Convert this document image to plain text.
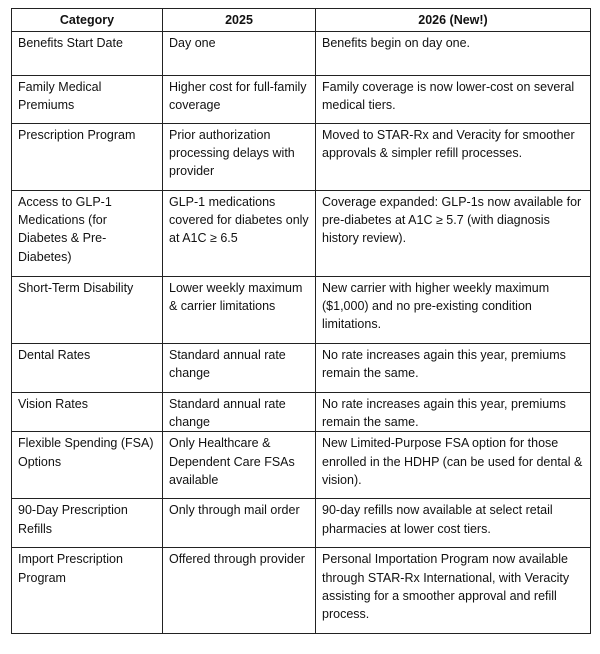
Category	2025	2026 (New!)
Benefits Start Date	Day one	Benefits begin on day one.
Family Medical Premiums	Higher cost for full-family coverage	Family coverage is now lower-cost on several medical tiers.
Prescription Program	Prior authorization processing delays with provider	Moved to STAR-Rx and Veracity for smoother approvals & simpler refill processes.
Access to GLP-1 Medications (for Diabetes & Pre-Diabetes)	GLP-1 medications covered for diabetes only at A1C ≥ 6.5	Coverage expanded: GLP-1s now available for pre-diabetes at A1C ≥ 5.7 (with diagnosis history review).
Short-Term Disability	Lower weekly maximum & carrier limitations	New carrier with higher weekly maximum ($1,000) and no pre-existing condition limitations.
Dental Rates	Standard annual rate change	No rate increases again this year, premiums remain the same.
Vision Rates	Standard annual rate change	No rate increases again this year, premiums remain the same.
Flexible Spending (FSA) Options	Only Healthcare & Dependent Care FSAs available	New Limited-Purpose FSA option for those enrolled in the HDHP (can be used for dental & vision).
90-Day Prescription Refills	Only through mail order	90-day refills now available at select retail pharmacies at lower cost tiers.
Import Prescription Program	Offered through provider	Personal Importation Program now available through STAR-Rx International, with Veracity assisting for a smoother approval and refill process.
